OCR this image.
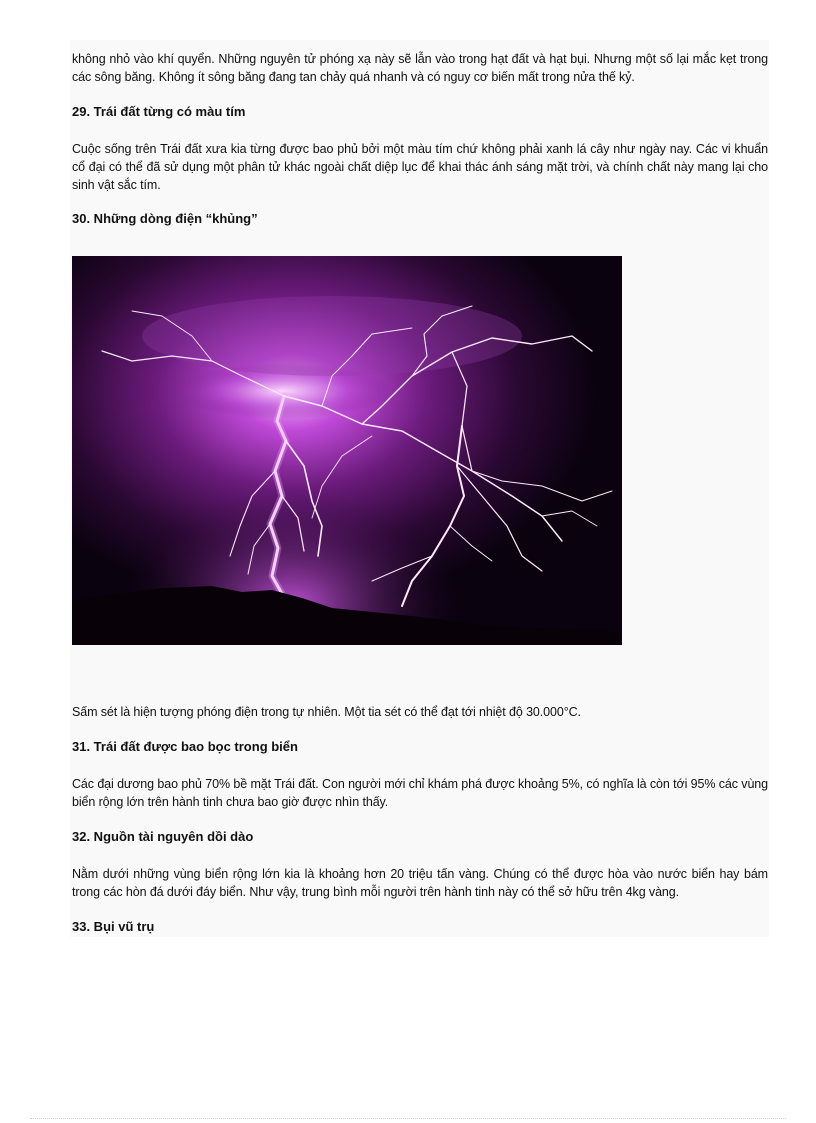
không nhỏ vào khí quyển. Những nguyên tử phóng xạ này sẽ lẫn vào trong hạt đất và hạt bụi. Nhưng một số lại mắc kẹt trong các sông băng. Không ít sông băng đang tan chảy quá nhanh và có nguy cơ biến mất trong nửa thế kỷ.

29. Trái đất từng có màu tím

Cuộc sống trên Trái đất xưa kia từng được bao phủ bởi một màu tím chứ không phải xanh lá cây như ngày nay. Các vi khuẩn cổ đại có thể đã sử dụng một phân tử khác ngoài chất diệp lục để khai thác ánh sáng mặt trời, và chính chất này mang lại cho sinh vật sắc tím.

30. Những dòng điện “khủng”

Sấm sét là hiện tượng phóng điện trong tự nhiên. Một tia sét có thể đạt tới nhiệt độ 30.000°C.

31. Trái đất được bao bọc trong biển

Các đại dương bao phủ 70% bề mặt Trái đất. Con người mới chỉ khám phá được khoảng 5%, có nghĩa là còn tới 95% các vùng biển rộng lớn trên hành tinh chưa bao giờ được nhìn thấy.

32. Nguồn tài nguyên dồi dào

Nằm dưới những vùng biển rộng lớn kia là khoảng hơn 20 triệu tấn vàng. Chúng có thể được hòa vào nước biển hay bám trong các hòn đá dưới đáy biển. Như vậy, trung bình mỗi người trên hành tinh này có thể sở hữu trên 4kg vàng.

33. Bụi vũ trụ
